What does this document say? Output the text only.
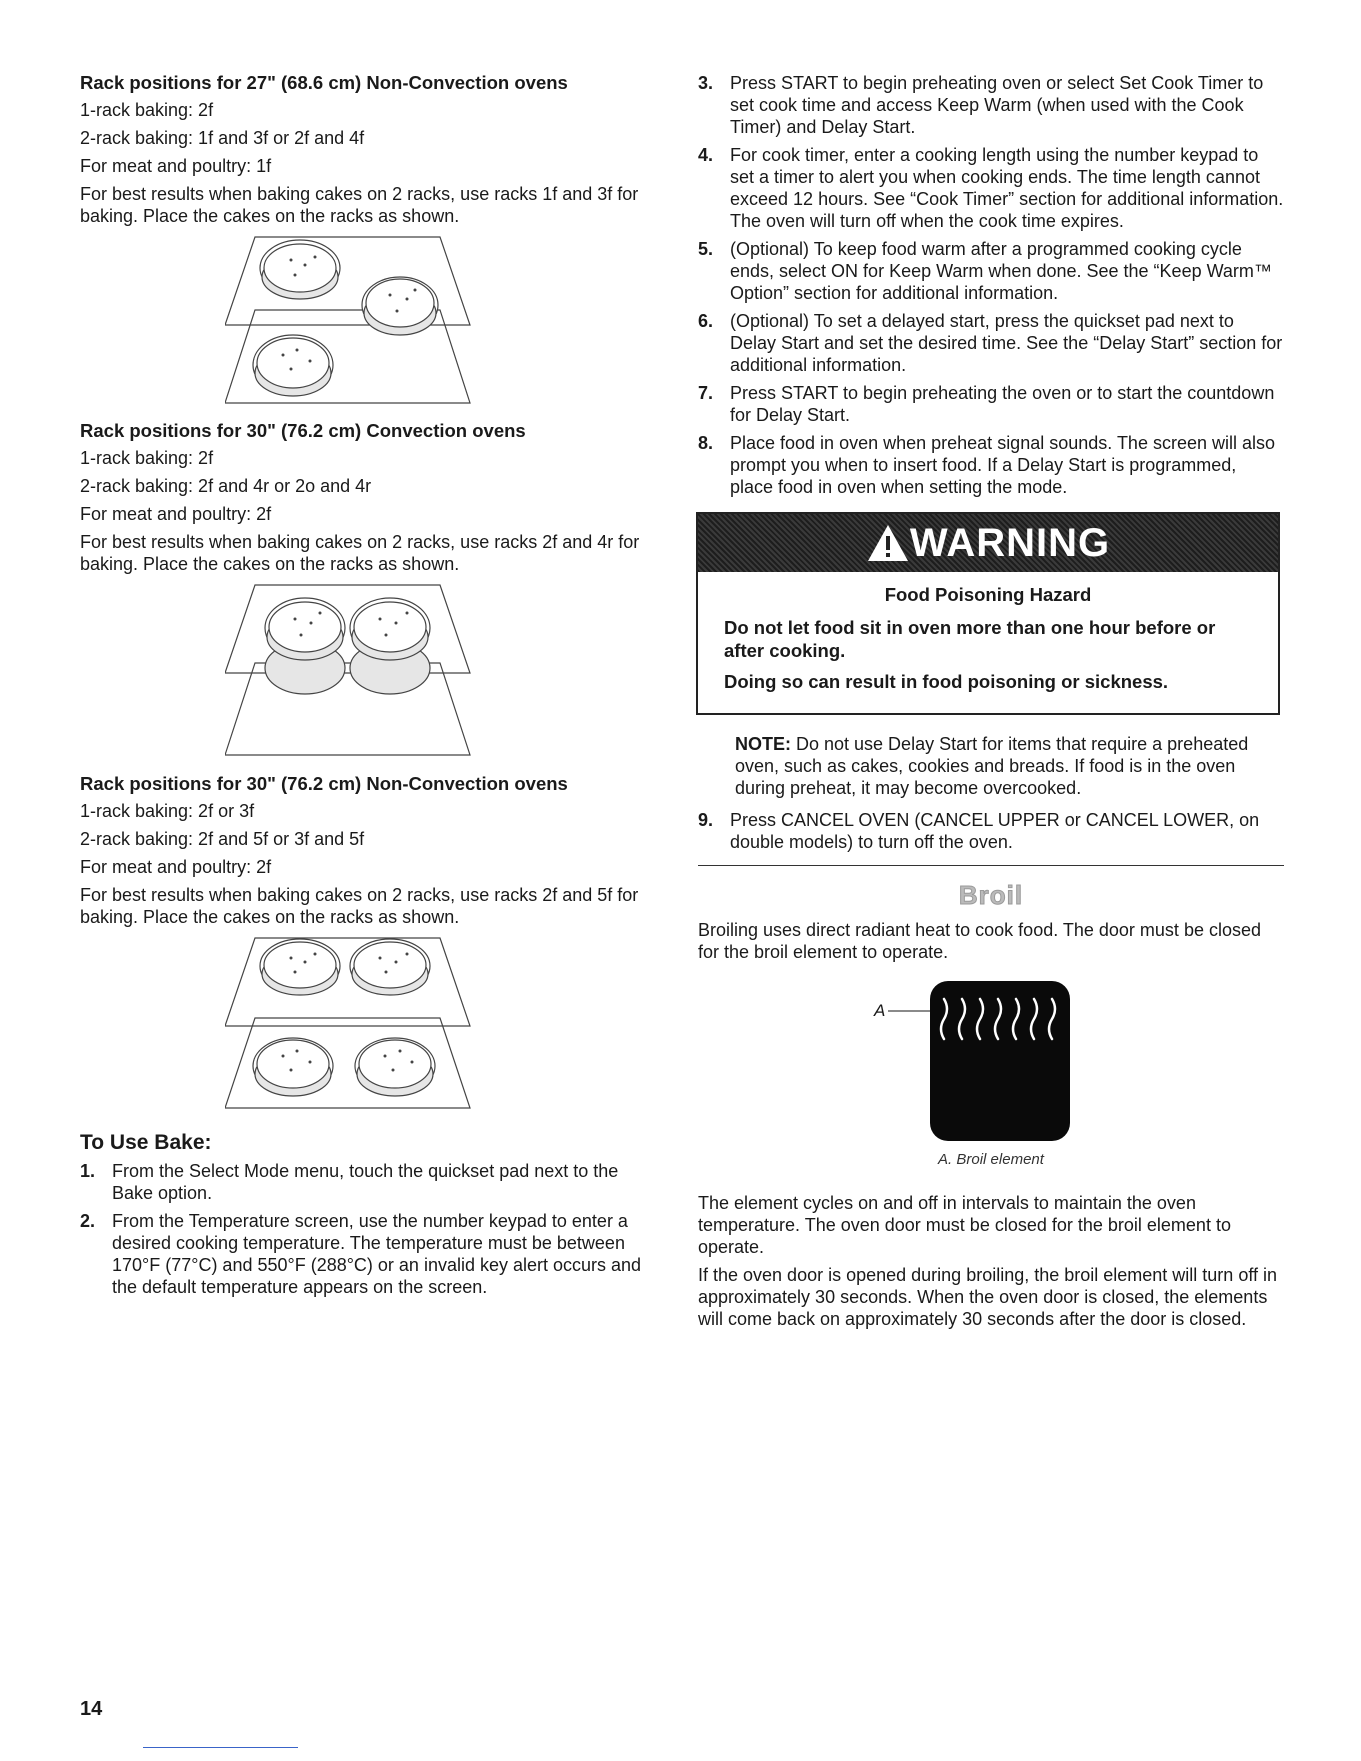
Rack positions for 27" (68.6 cm) Non-Convection ovens

1-rack baking: 2f

2-rack baking: 1f and 3f or 2f and 4f

For meat and poultry: 1f

For best results when baking cakes on 2 racks, use racks 1f and 3f for baking. Place the cakes on the racks as shown.

Rack positions for 30" (76.2 cm) Convection ovens

1-rack baking: 2f

2-rack baking: 2f and 4r or 2o and 4r

For meat and poultry: 2f

For best results when baking cakes on 2 racks, use racks 2f and 4r for baking. Place the cakes on the racks as shown.

Rack positions for 30" (76.2 cm) Non-Convection ovens

1-rack baking: 2f or 3f

2-rack baking: 2f and 5f or 3f and 5f

For meat and poultry: 2f

For best results when baking cakes on 2 racks, use racks 2f and 5f for baking. Place the cakes on the racks as shown.

To Use Bake:

1. From the Select Mode menu, touch the quickset pad next to the Bake option.
2. From the Temperature screen, use the number keypad to enter a desired cooking temperature. The temperature must be between 170°F (77°C) and 550°F (288°C) or an invalid key alert occurs and the default temperature appears on the screen.
3. Press START to begin preheating oven or select Set Cook Timer to set cook time and access Keep Warm (when used with the Cook Timer) and Delay Start.
4. For cook timer, enter a cooking length using the number keypad to set a timer to alert you when cooking ends. The time length cannot exceed 12 hours. See “Cook Timer” section for additional information. The oven will turn off when the cook time expires.
5. (Optional) To keep food warm after a programmed cooking cycle ends, select ON for Keep Warm when done. See the “Keep Warm™ Option” section for additional information.
6. (Optional) To set a delayed start, press the quickset pad next to Delay Start and set the desired time. See the “Delay Start” section for additional information.
7. Press START to begin preheating the oven or to start the countdown for Delay Start.
8. Place food in oven when preheat signal sounds. The screen will also prompt you when to insert food. If a Delay Start is programmed, place food in oven when setting the mode.
WARNING

Food Poisoning Hazard

Do not let food sit in oven more than one hour before or after cooking.

Doing so can result in food poisoning or sickness.

NOTE: Do not use Delay Start for items that require a preheated oven, such as cakes, cookies and breads. If food is in the oven during preheat, it may become overcooked.

9. Press CANCEL OVEN (CANCEL UPPER or CANCEL LOWER, on double models) to turn off the oven.

Broil

Broiling uses direct radiant heat to cook food. The door must be closed for the broil element to operate.

A

A. Broil element

The element cycles on and off in intervals to maintain the oven temperature. The oven door must be closed for the broil element to operate.

If the oven door is opened during broiling, the broil element will turn off in approximately 30 seconds. When the oven door is closed, the elements will come back on approximately 30 seconds after the door is closed.

14
